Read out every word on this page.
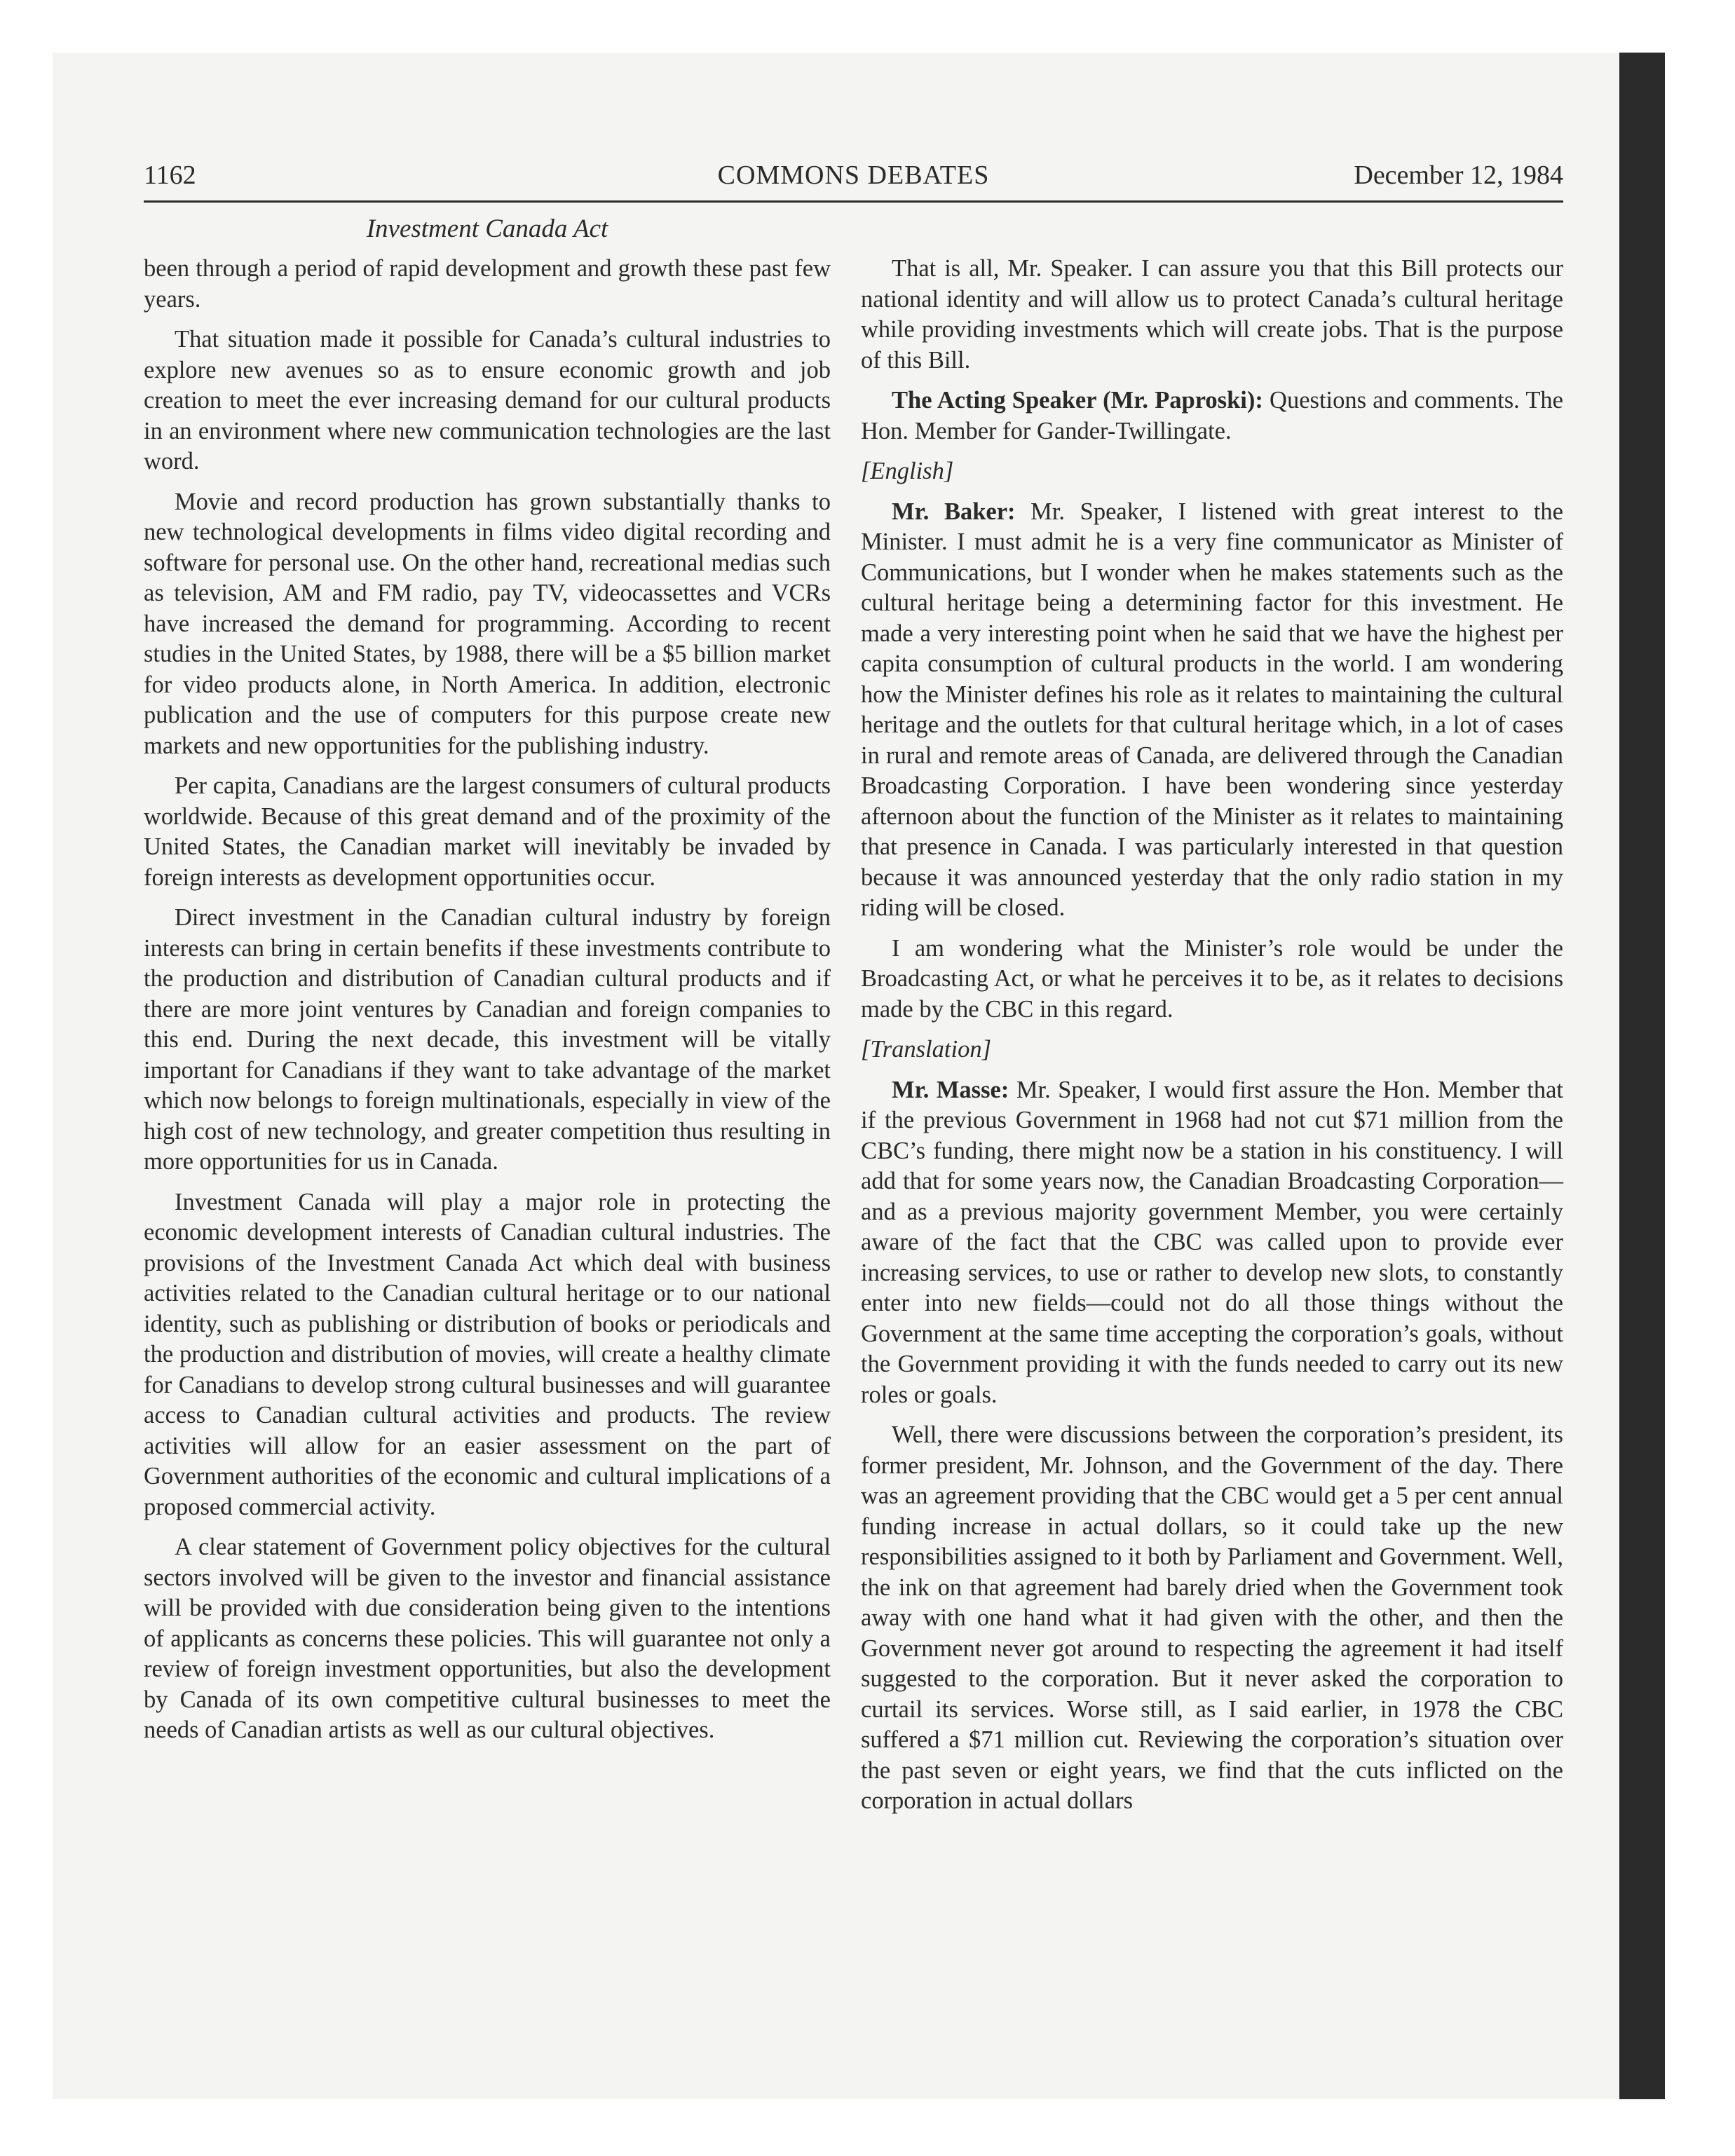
1162	COMMONS DEBATES	December 12, 1984
Investment Canada Act

been through a period of rapid development and growth these past few years.

That situation made it possible for Canada’s cultural industries to explore new avenues so as to ensure economic growth and job creation to meet the ever increasing demand for our cultural products in an environment where new communication technologies are the last word.

Movie and record production has grown substantially thanks to new technological developments in films video digital recording and software for personal use. On the other hand, recreational medias such as television, AM and FM radio, pay TV, videocassettes and VCRs have increased the demand for programming. According to recent studies in the United States, by 1988, there will be a $5 billion market for video products alone, in North America. In addition, electronic publication and the use of computers for this purpose create new markets and new opportunities for the publishing industry.

Per capita, Canadians are the largest consumers of cultural products worldwide. Because of this great demand and of the proximity of the United States, the Canadian market will inevitably be invaded by foreign interests as development opportunities occur.

Direct investment in the Canadian cultural industry by foreign interests can bring in certain benefits if these investments contribute to the production and distribution of Canadian cultural products and if there are more joint ventures by Canadian and foreign companies to this end. During the next decade, this investment will be vitally important for Canadians if they want to take advantage of the market which now belongs to foreign multinationals, especially in view of the high cost of new technology, and greater competition thus resulting in more opportunities for us in Canada.

Investment Canada will play a major role in protecting the economic development interests of Canadian cultural industries. The provisions of the Investment Canada Act which deal with business activities related to the Canadian cultural heritage or to our national identity, such as publishing or distribution of books or periodicals and the production and distribution of movies, will create a healthy climate for Canadians to develop strong cultural businesses and will guarantee access to Canadian cultural activities and products. The review activities will allow for an easier assessment on the part of Government authorities of the economic and cultural implications of a proposed commercial activity.

A clear statement of Government policy objectives for the cultural sectors involved will be given to the investor and financial assistance will be provided with due consideration being given to the intentions of applicants as concerns these policies. This will guarantee not only a review of foreign investment opportunities, but also the development by Canada of its own competitive cultural businesses to meet the needs of Canadian artists as well as our cultural objectives.

That is all, Mr. Speaker. I can assure you that this Bill protects our national identity and will allow us to protect Canada’s cultural heritage while providing investments which will create jobs. That is the purpose of this Bill.

The Acting Speaker (Mr. Paproski): Questions and comments. The Hon. Member for Gander-Twillingate.

[English]

Mr. Baker: Mr. Speaker, I listened with great interest to the Minister. I must admit he is a very fine communicator as Minister of Communications, but I wonder when he makes statements such as the cultural heritage being a determining factor for this investment. He made a very interesting point when he said that we have the highest per capita consumption of cultural products in the world. I am wondering how the Minister defines his role as it relates to maintaining the cultural heritage and the outlets for that cultural heritage which, in a lot of cases in rural and remote areas of Canada, are delivered through the Canadian Broadcasting Corporation. I have been wondering since yesterday afternoon about the function of the Minister as it relates to maintaining that presence in Canada. I was particularly interested in that question because it was announced yesterday that the only radio station in my riding will be closed.

I am wondering what the Minister’s role would be under the Broadcasting Act, or what he perceives it to be, as it relates to decisions made by the CBC in this regard.

[Translation]

Mr. Masse: Mr. Speaker, I would first assure the Hon. Member that if the previous Government in 1968 had not cut $71 million from the CBC’s funding, there might now be a station in his constituency. I will add that for some years now, the Canadian Broadcasting Corporation—and as a previous majority government Member, you were certainly aware of the fact that the CBC was called upon to provide ever increasing services, to use or rather to develop new slots, to constantly enter into new fields—could not do all those things without the Government at the same time accepting the corporation’s goals, without the Government providing it with the funds needed to carry out its new roles or goals.

Well, there were discussions between the corporation’s president, its former president, Mr. Johnson, and the Government of the day. There was an agreement providing that the CBC would get a 5 per cent annual funding increase in actual dollars, so it could take up the new responsibilities assigned to it both by Parliament and Government. Well, the ink on that agreement had barely dried when the Government took away with one hand what it had given with the other, and then the Government never got around to respecting the agreement it had itself suggested to the corporation. But it never asked the corporation to curtail its services. Worse still, as I said earlier, in 1978 the CBC suffered a $71 million cut. Reviewing the corporation’s situation over the past seven or eight years, we find that the cuts inflicted on the corporation in actual dollars
